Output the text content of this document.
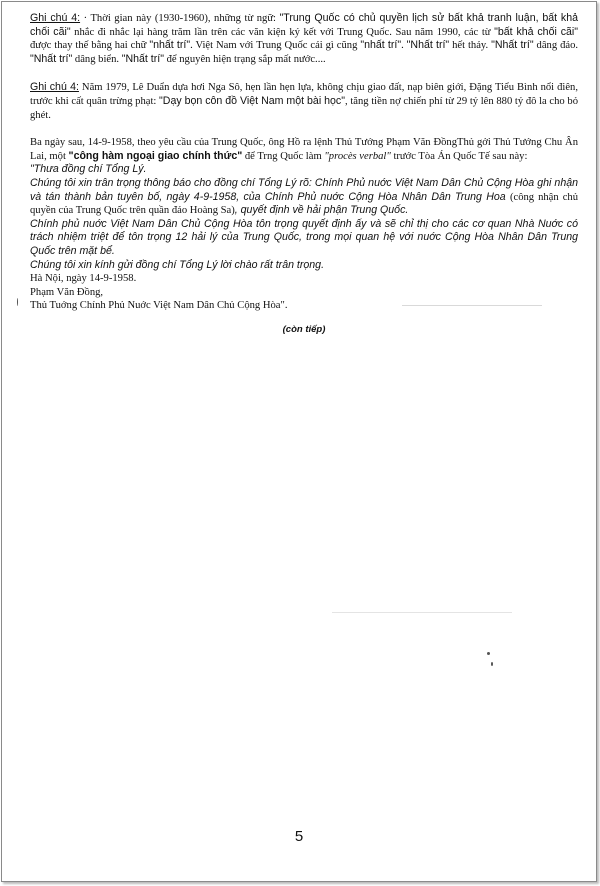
Ghi chú 4: · Thời gian này (1930-1960), những từ ngữ: "Trung Quốc có chủ quyền lịch sử bất khả tranh luận, bất khả chối cãi" nhắc đi nhắc lại hàng trăm lần trên các văn kiện ký kết với Trung Quốc. Sau năm 1990, các từ "bất khả chối cãi" được thay thế bằng hai chữ "nhất trí". Việt Nam với Trung Quốc cái gì cũng "nhất trí". "Nhất trí" hết thảy. "Nhất trí" dâng đảo. "Nhất trí" dâng biển. "Nhất trí" để nguyên hiện trạng sắp mất nước....

Ghi chú 4: Năm 1979, Lê Duẩn dựa hơi Nga Sô, hẹn lần hẹn lựa, không chịu giao đất, nạp biên giới, Đặng Tiểu Bình nổi điên, trước khi cất quân trừng phạt: "Dạy bọn côn đồ Việt Nam một bài học", tăng tiền nợ chiến phí từ 29 tỷ lên 880 tỷ đô la cho bỏ ghét.

Ba ngày sau, 14-9-1958, theo yêu cầu của Trung Quốc, ông Hồ ra lệnh Thủ Tướng Phạm Văn ĐồngThủ gởi Thủ Tướng Chu Ân Lai, một "công hàm ngoại giao chính thức" để Trng Quốc làm "procès verbal" trước Tòa Án Quốc Tế sau này:

"Thưa đồng chí Tổng Lý.

Chúng tôi xin trân trọng thông báo cho đồng chí Tổng Lý rõ: Chính Phủ nuớc Việt Nam Dân Chủ Cộng Hòa ghi nhận và tán thành bản tuyên bố, ngày 4-9-1958, của Chính Phủ nuớc Cộng Hòa Nhân Dân Trung Hoa (công nhận chủ quyền của Trung Quốc trên quần đảo Hoàng Sa), quyết định về hải phận Trung Quốc.

Chính phủ nuớc Việt Nam Dân Chủ Cộng Hòa tôn trọng quyết định ấy và sẽ chỉ thị cho các cơ quan Nhà Nuớc có trách nhiệm triệt để tôn trọng 12 hải lý của Trung Quốc, trong mọi quan hệ với nuớc Cộng Hòa Nhân Dân Trung Quốc trên mặt bể.

Chúng tôi xin kính gửi đồng chí Tổng Lý lời chào rất trân trọng.

Hà Nội, ngày 14-9-1958.

Phạm Văn Đồng,

Thủ Tuớng Chính Phủ Nuớc Việt Nam Dân Chủ Cộng Hòa".

(còn tiếp)

5
